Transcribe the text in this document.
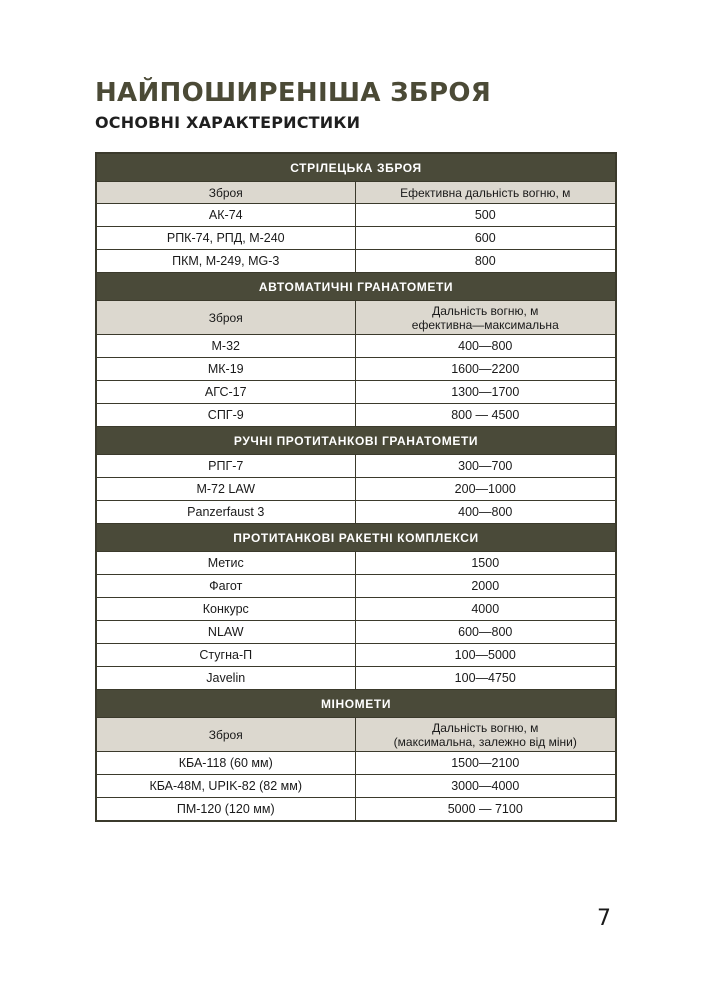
НАЙПОШИРЕНІША ЗБРОЯ
ОСНОВНІ ХАРАКТЕРИСТИКИ
СТРІЛЕЦЬКА ЗБРОЯ	
Зброя	Ефективна дальність вогню, м
АК-74	500
РПК-74, РПД, М-240	600
ПКМ, М-249, MG-3	800
АВТОМАТИЧНІ ГРАНАТОМЕТИ	
Зброя	Дальність вогню, м
ефективна—максимальна
М-32	400—800
МК-19	1600—2200
АГС-17	1300—1700
СПГ-9	800 — 4500
РУЧНІ ПРОТИТАНКОВІ ГРАНАТОМЕТИ	
РПГ-7	300—700
М-72 LAW	200—1000
Panzerfaust 3	400—800
ПРОТИТАНКОВІ РАКЕТНІ КОМПЛЕКСИ	
Метис	1500
Фагот	2000
Конкурс	4000
NLAW	600—800
Стугна-П	100—5000
Javelin	100—4750
МІНОМЕТИ	
Зброя	Дальність вогню, м
(максимальна, залежно від міни)
КБА-118 (60 мм)	1500—2100
КБА-48М, UPIK-82 (82 мм)	3000—4000
ПМ-120 (120 мм)	5000 — 7100
7
